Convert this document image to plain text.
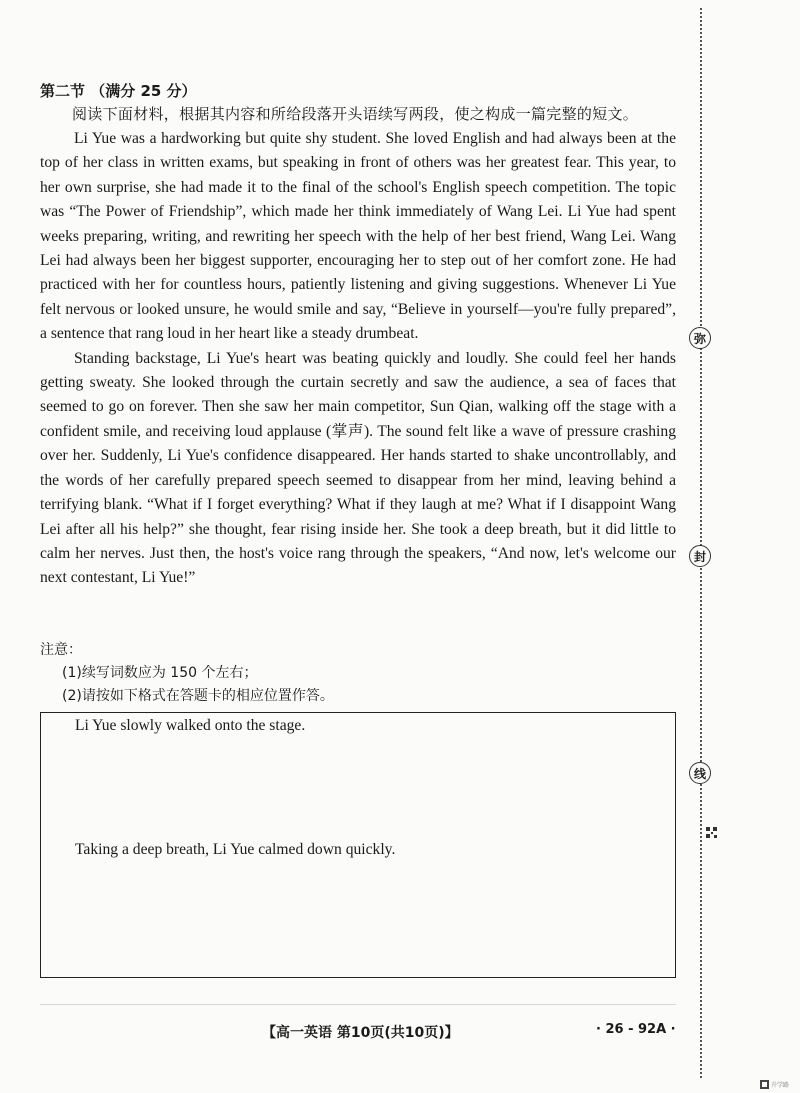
第二节 （满分 25 分）
阅读下面材料，根据其内容和所给段落开头语续写两段，使之构成一篇完整的短文。

Li Yue was a hardworking but quite shy student. She loved English and had always been at the top of her class in written exams, but speaking in front of others was her greatest fear. This year, to her own surprise, she had made it to the final of the school's English speech competition. The topic was “The Power of Friendship”, which made her think immediately of Wang Lei. Li Yue had spent weeks preparing, writing, and rewriting her speech with the help of her best friend, Wang Lei. Wang Lei had always been her biggest supporter, encouraging her to step out of her comfort zone. He had practiced with her for countless hours, patiently listening and giving suggestions. Whenever Li Yue felt nervous or looked unsure, he would smile and say, “Believe in yourself—you're fully prepared”, a sentence that rang loud in her heart like a steady drumbeat.

Standing backstage, Li Yue's heart was beating quickly and loudly. She could feel her hands getting sweaty. She looked through the curtain secretly and saw the audience, a sea of faces that seemed to go on forever. Then she saw her main competitor, Sun Qian, walking off the stage with a confident smile, and receiving loud applause (掌声). The sound felt like a wave of pressure crashing over her. Suddenly, Li Yue's confidence disappeared. Her hands started to shake uncontrollably, and the words of her carefully prepared speech seemed to disappear from her mind, leaving behind a terrifying blank. “What if I forget everything? What if they laugh at me? What if I disappoint Wang Lei after all his help?” she thought, fear rising inside her. She took a deep breath, but it did little to calm her nerves. Just then, the host's voice rang through the speakers, “And now, let's welcome our next contestant, Li Yue!”

注意：
(1)续写词数应为 150 个左右；
(2)请按如下格式在答题卡的相应位置作答。
Li Yue slowly walked onto the stage.
Taking a deep breath, Li Yue calmed down quickly.
【高一英语 第10页(共10页)】	· 26 - 92A ·
弥
封
线
升学路
